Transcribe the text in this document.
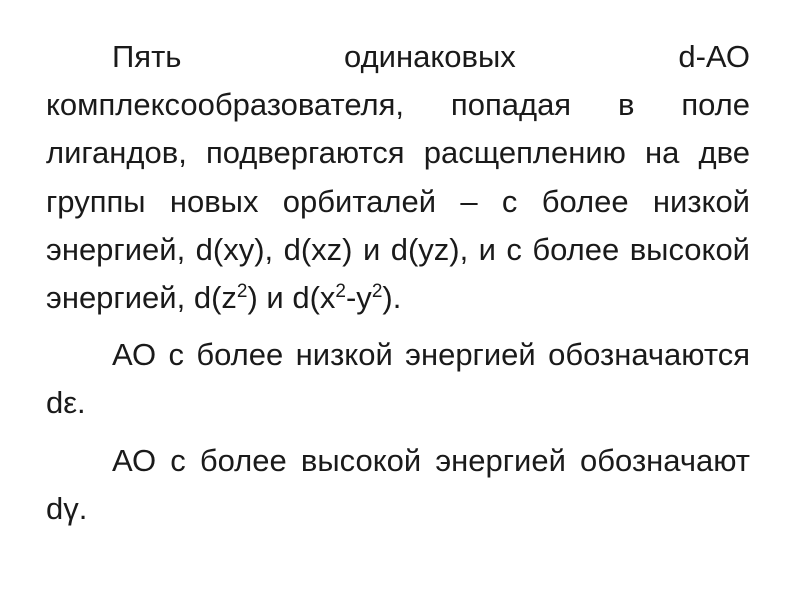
Пять одинаковых d-АО комплексообразователя, попадая в поле лигандов, подвергаются расщеплению на две группы новых орбиталей – с более низкой энергией, d(xy), d(xz) и d(yz), и с более высокой энергией, $d(z^2)$ и $d(x^2-y^2)$.

АО с более низкой энергией обозначаются dε.

АО с более высокой энергией обозначают dγ.
